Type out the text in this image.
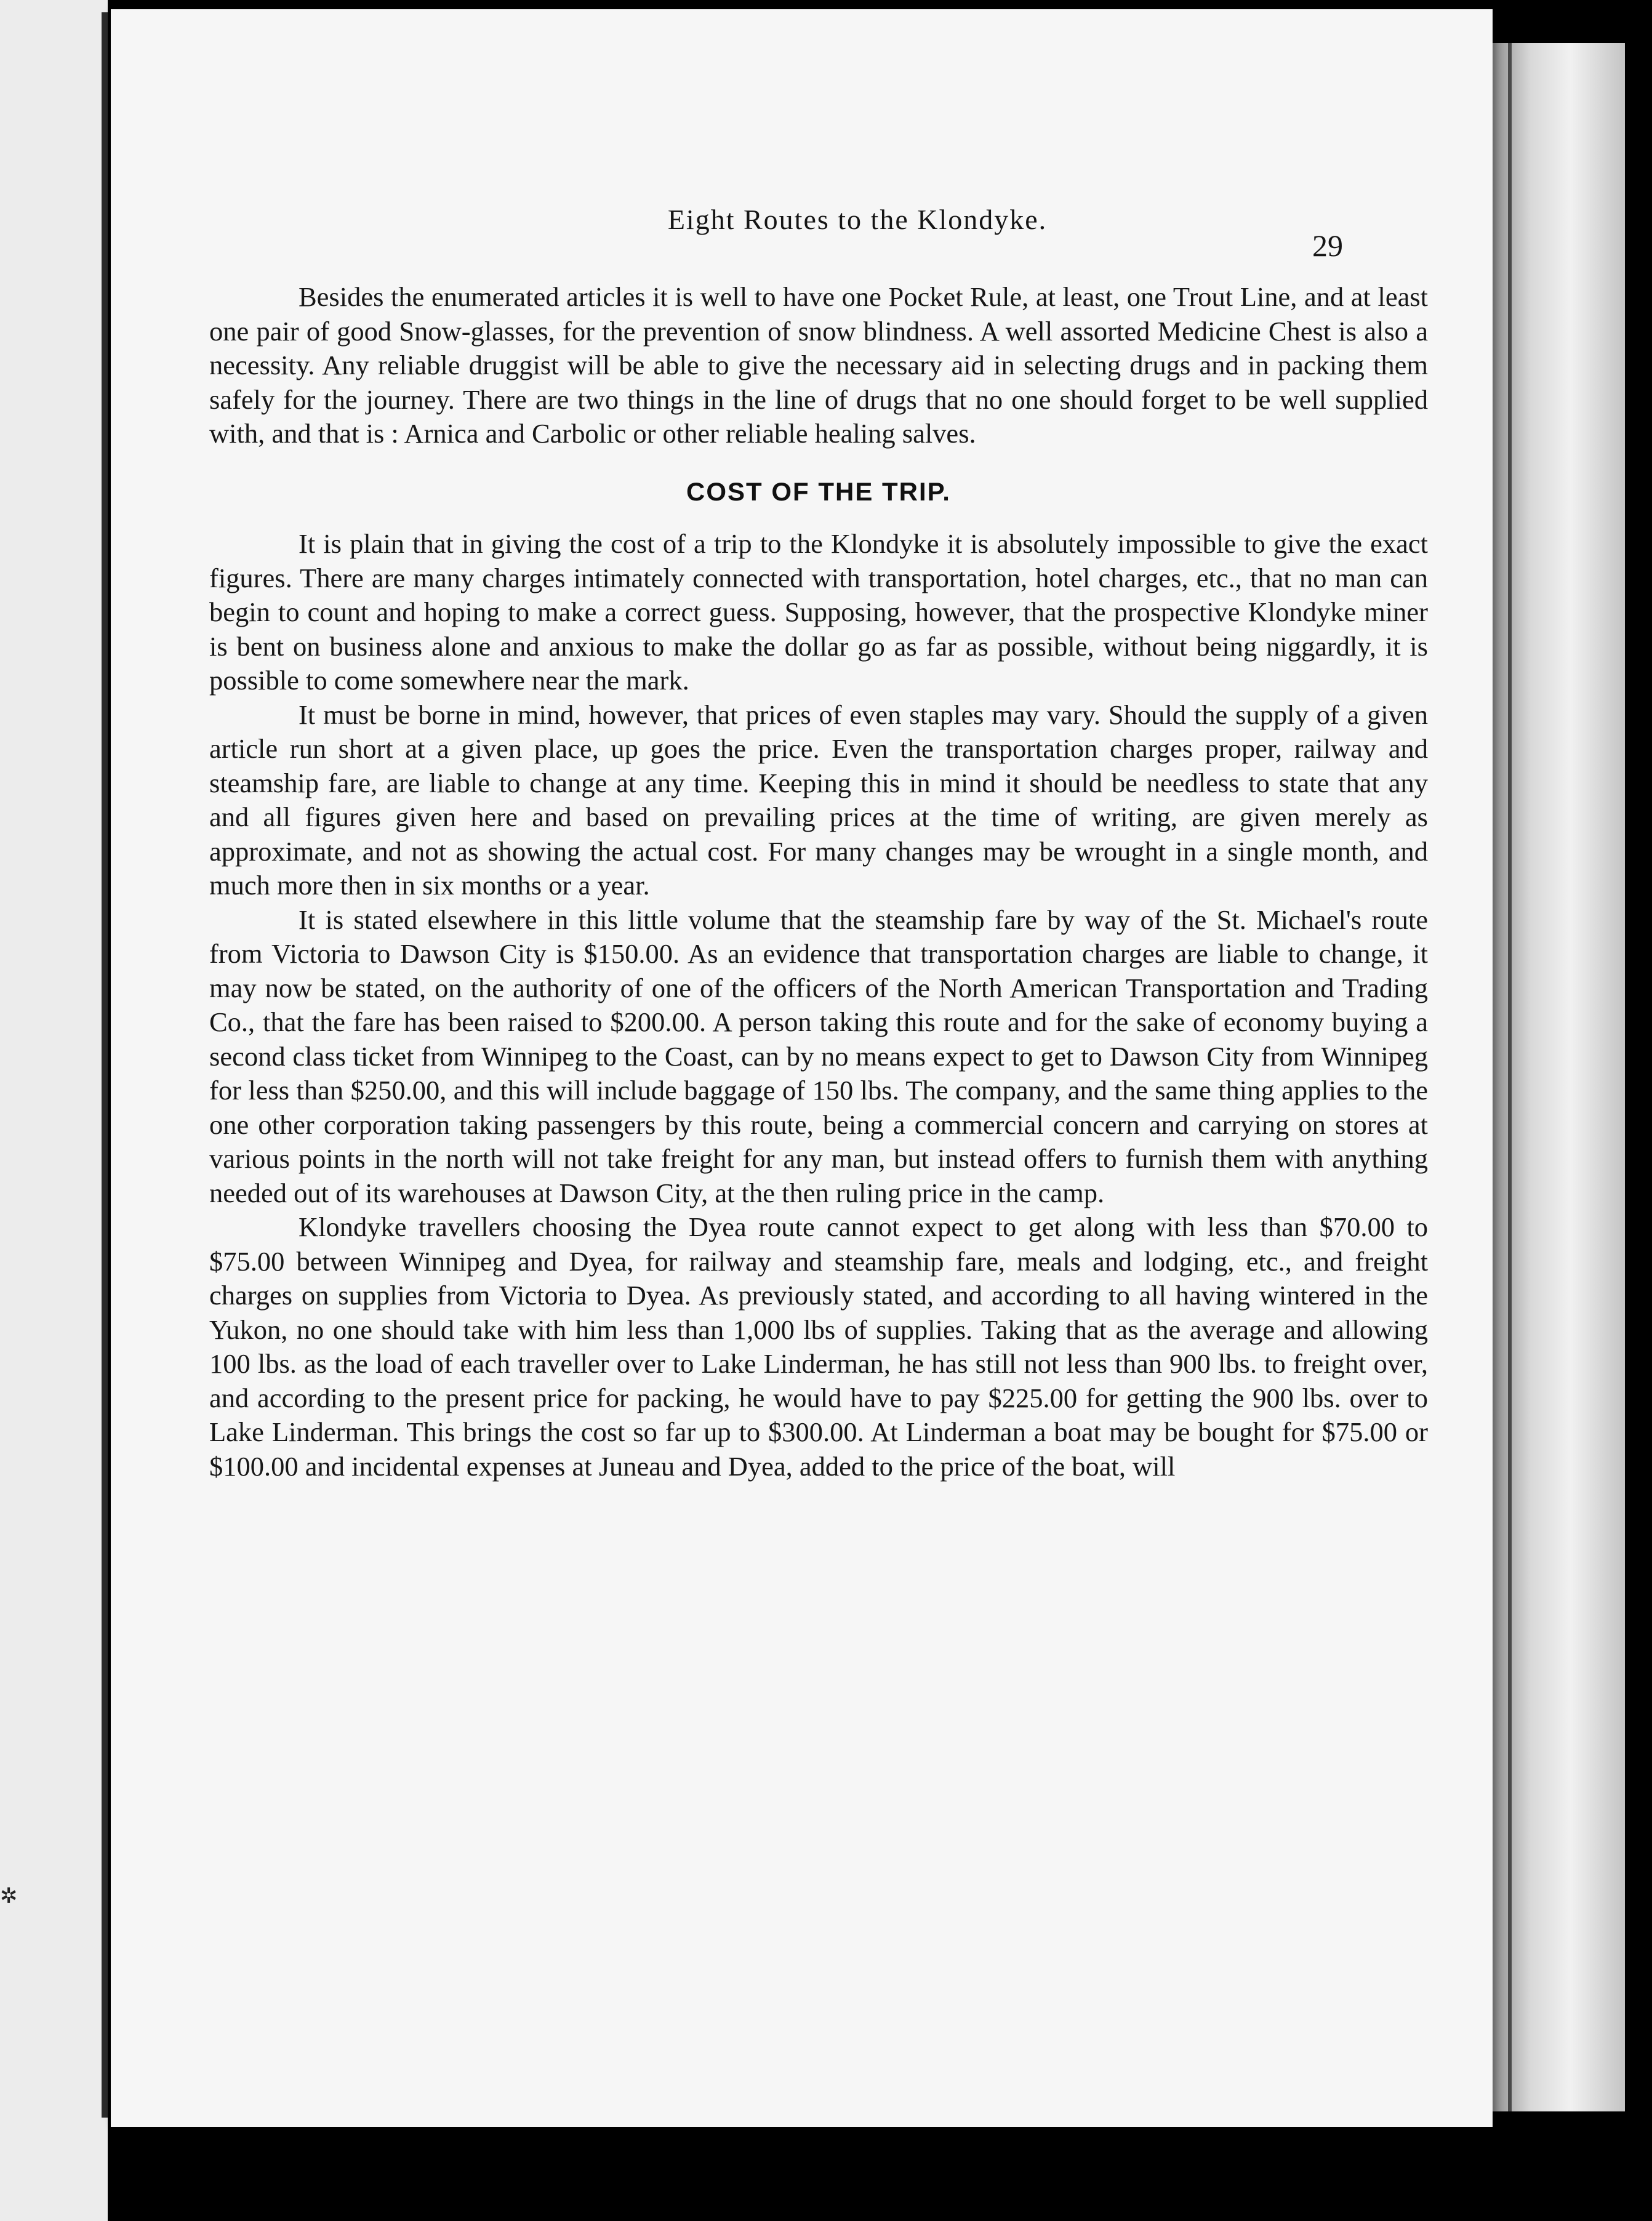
✲
Eight Routes to the Klondyke.
29

Besides the enumerated articles it is well to have one Pocket Rule, at least, one Trout Line, and at least one pair of good Snow-glasses, for the prevention of snow blindness. A well assorted Medicine Chest is also a necessity. Any reliable druggist will be able to give the necessary aid in selecting drugs and in packing them safely for the journey. There are two things in the line of drugs that no one should forget to be well supplied with, and that is : Arnica and Carbolic or other reliable healing salves.

COST OF THE TRIP.

It is plain that in giving the cost of a trip to the Klondyke it is absolutely impossible to give the exact figures. There are many charges intimately connected with transportation, hotel charges, etc., that no man can begin to count and hoping to make a correct guess. Supposing, however, that the prospective Klondyke miner is bent on business alone and anxious to make the dollar go as far as possible, without being niggardly, it is possible to come somewhere near the mark.

It must be borne in mind, however, that prices of even staples may vary. Should the supply of a given article run short at a given place, up goes the price. Even the transportation charges proper, railway and steamship fare, are liable to change at any time. Keeping this in mind it should be needless to state that any and all figures given here and based on prevailing prices at the time of writing, are given merely as approximate, and not as showing the actual cost. For many changes may be wrought in a single month, and much more then in six months or a year.

It is stated elsewhere in this little volume that the steamship fare by way of the St. Michael's route from Victoria to Dawson City is $150.00. As an evidence that transportation charges are liable to change, it may now be stated, on the authority of one of the officers of the North American Transportation and Trading Co., that the fare has been raised to $200.00. A person taking this route and for the sake of economy buying a second class ticket from Winnipeg to the Coast, can by no means expect to get to Dawson City from Winnipeg for less than $250.00, and this will include baggage of 150 lbs. The company, and the same thing applies to the one other corporation taking passengers by this route, being a commercial concern and carrying on stores at various points in the north will not take freight for any man, but instead offers to furnish them with anything needed out of its warehouses at Dawson City, at the then ruling price in the camp.

Klondyke travellers choosing the Dyea route cannot expect to get along with less than $70.00 to $75.00 between Winnipeg and Dyea, for railway and steamship fare, meals and lodging, etc., and freight charges on supplies from Victoria to Dyea. As previously stated, and according to all having wintered in the Yukon, no one should take with him less than 1,000 lbs of supplies. Taking that as the average and allowing 100 lbs. as the load of each traveller over to Lake Linderman, he has still not less than 900 lbs. to freight over, and according to the present price for packing, he would have to pay $225.00 for getting the 900 lbs. over to Lake Linderman. This brings the cost so far up to $300.00. At Linderman a boat may be bought for $75.00 or $100.00 and incidental expenses at Juneau and Dyea, added to the price of the boat, will
